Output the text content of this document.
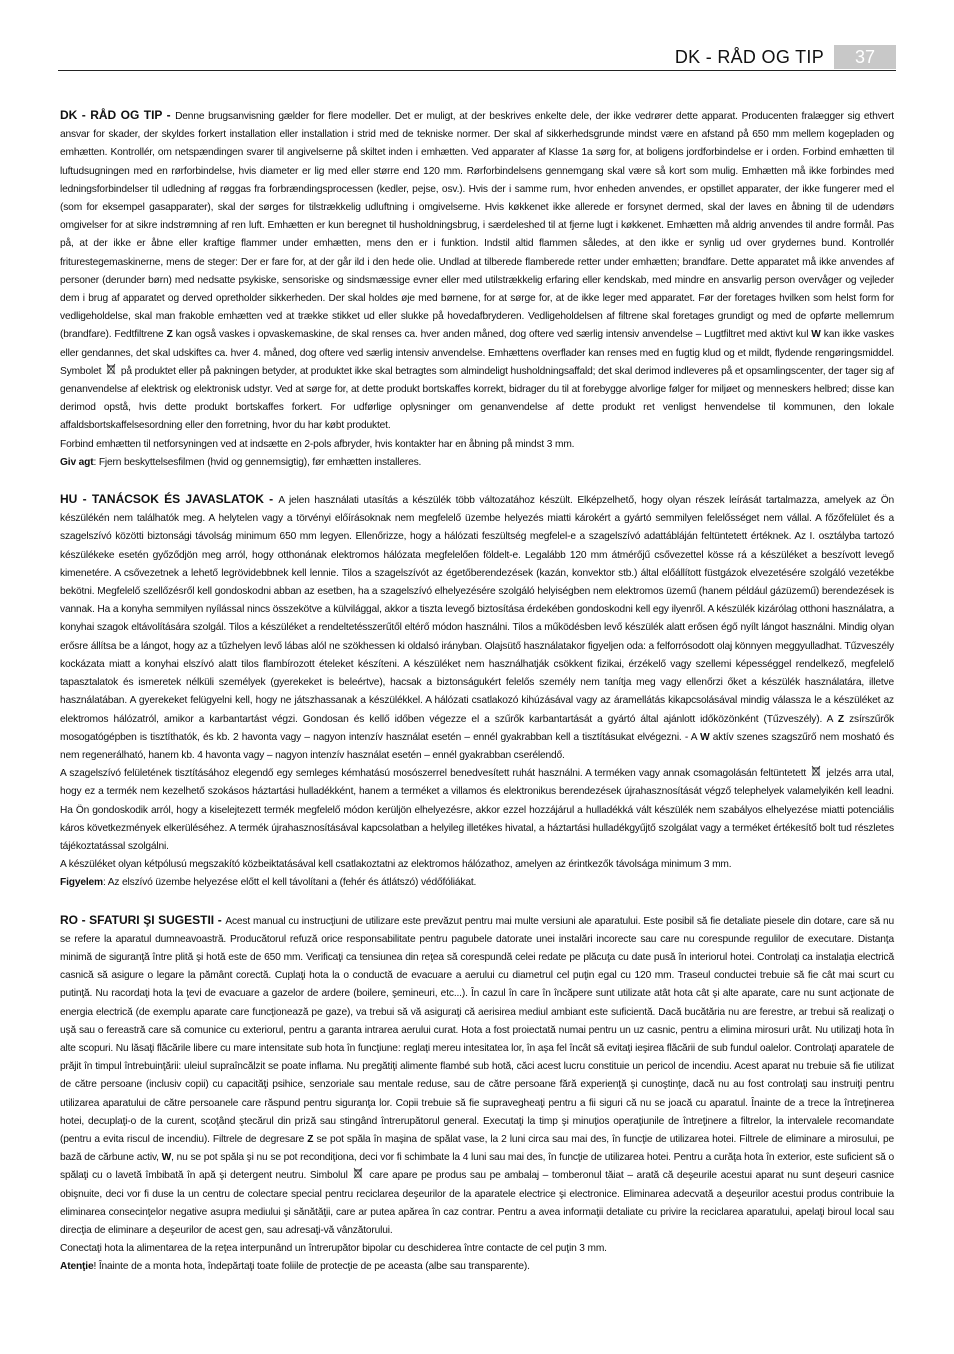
DK - RÅD OG TIP	37

DK - RÅD OG TIP - Denne brugsanvisning gælder for flere modeller. Det er muligt, at der beskrives enkelte dele, der ikke vedrører dette apparat. Producenten fralægger sig ethvert ansvar for skader, der skyldes forkert installation eller installation i strid med de tekniske normer. Der skal af sikkerhedsgrunde mindst være en afstand på 650 mm mellem kogepladen og emhætten. Kontrollér, om netspændingen svarer til angivelserne på skiltet inden i emhætten. Ved apparater af Klasse 1a sørg for, at boligens jordforbindelse er i orden. Forbind emhætten til luftudsugningen med en rørforbindelse, hvis diameter er lig med eller større end 120 mm. Rørforbindelsens gennemgang skal være så kort som mulig. Emhætten må ikke forbindes med ledningsforbindelser til udledning af røggas fra forbrændingsprocessen (kedler, pejse, osv.). Hvis der i samme rum, hvor enheden anvendes, er opstillet apparater, der ikke fungerer med el (som for eksempel gasapparater), skal der sørges for tilstrækkelig udluftning i omgivelserne. Hvis køkkenet ikke allerede er forsynet dermed, skal der laves en åbning til de udendørs omgivelser for at sikre indstrømning af ren luft. Emhætten er kun beregnet til husholdningsbrug, i særdeleshed til at fjerne lugt i køkkenet. Emhætten må aldrig anvendes til andre formål. Pas på, at der ikke er åbne eller kraftige flammer under emhætten, mens den er i funktion. Indstil altid flammen således, at den ikke er synlig ud over grydernes bund. Kontrollér friturestegemaskinerne, mens de steger: Der er fare for, at der går ild i den hede olie. Undlad at tilberede flamberede retter under emhætten; brandfare. Dette apparatet må ikke anvendes af personer (derunder børn) med nedsatte psykiske, sensoriske og sindsmæssige evner eller med utilstrækkelig erfaring eller kendskab, med mindre en ansvarlig person overvåger og vejleder dem i brug af apparatet og derved opretholder sikkerheden. Der skal holdes øje med børnene, for at sørge for, at de ikke leger med apparatet. Før der foretages hvilken som helst form for vedligeholdelse, skal man frakoble emhætten ved at trække stikket ud eller slukke på hovedafbryderen. Vedligeholdelsen af filtrene skal foretages grundigt og med de opførte mellemrum (brandfare). Fedtfiltrene Z kan også vaskes i opvaskemaskine, de skal renses ca. hver anden måned, dog oftere ved særlig intensiv anvendelse – Lugtfiltret med aktivt kul W kan ikke vaskes eller gendannes, det skal udskiftes ca. hver 4. måned, dog oftere ved særlig intensiv anvendelse. Emhættens overflader kan renses med en fugtig klud og et mildt, flydende rengøringsmiddel. Symbolet  på produktet eller på pakningen betyder, at produktet ikke skal betragtes som almindeligt husholdningsaffald; det skal derimod indleveres på et opsamlingscenter, der tager sig af genanvendelse af elektrisk og elektronisk udstyr. Ved at sørge for, at dette produkt bortskaffes korrekt, bidrager du til at forebygge alvorlige følger for miljøet og menneskers helbred; disse kan derimod opstå, hvis dette produkt bortskaffes forkert. For udførlige oplysninger om genanvendelse af dette produkt ret venligst henvendelse til kommunen, den lokale affaldsbortskaffelsesordning eller den forretning, hvor du har købt produktet.

Forbind emhætten til netforsyningen ved at indsætte en 2-pols afbryder, hvis kontakter har en åbning på mindst 3 mm.

Giv agt: Fjern beskyttelsesfilmen (hvid og gennemsigtig), før emhætten installeres.

HU - TANÁCSOK ÉS JAVASLATOK - A jelen használati utasítás a készülék több változatához készült. Elképzelhető, hogy olyan részek leírását tartalmazza, amelyek az Ön készülékén nem találhatók meg. A helytelen vagy a törvényi előírásoknak nem megfelelő üzembe helyezés miatti károkért a gyártó semmilyen felelősséget nem vállal. A főzőfelület és a szagelszívó közötti biztonsági távolság minimum 650 mm legyen. Ellenőrizze, hogy a hálózati feszültség megfelel-e a szagelszívó adattábláján feltüntetett értéknek. Az I. osztályba tartozó készülékeke esetén győződjön meg arról, hogy otthonának elektromos hálózata megfelelően földelt-e. Legalább 120 mm átmérőjű csővezettel kösse rá a készüléket a beszívott levegő kimenetére. A csővezetnek a lehető legrövidebbnek kell lennie. Tilos a szagelszívót az égetőberendezések (kazán, konvektor stb.) által előállított füstgázok elvezetésére szolgáló vezetékbe bekötni. Megfelelő szellőzésről kell gondoskodni abban az esetben, ha a szagelszívó elhelyezésére szolgáló helyiségben nem elektromos üzemű (hanem például gázüzemű) berendezések is vannak. Ha a konyha semmilyen nyílással nincs összekötve a külvilággal, akkor a tiszta levegő biztosítása érdekében gondoskodni kell egy ilyenről. A készülék kizárólag otthoni használatra, a konyhai szagok eltávolítására szolgál. Tilos a készüléket a rendeltetésszerűtől eltérő módon használni. Tilos a működésben levő készülék alatt erősen égő nyílt lángot használni. Mindig olyan erősre állítsa be a lángot, hogy az a tűzhelyen levő lábas alól ne szökhessen ki oldalsó irányban. Olajsütő használatakor figyeljen oda: a felforrósodott olaj könnyen meggyulladhat. Tűzveszély kockázata miatt a konyhai elszívó alatt tilos flambírozott ételeket készíteni. A készüléket nem használhatják csökkent fizikai, érzékelő vagy szellemi képességgel rendelkező, megfelelő tapasztalatok és ismeretek nélküli személyek (gyerekeket is beleértve), hacsak a biztonságukért felelős személy nem tanítja meg vagy ellenőrzi őket a készülék használatára, illetve használatában. A gyerekeket felügyelni kell, hogy ne játszhassanak a készülékkel. A hálózati csatlakozó kihúzásával vagy az áramellátás kikapcsolásával mindig válassza le a készüléket az elektromos hálózatról, amikor a karbantartást végzi. Gondosan és kellő időben végezze el a szűrők karbantartását a gyártó által ajánlott időközönként (Tűzveszély). A Z zsírszűrők mosogatógépben is tisztíthatók, és kb. 2 havonta vagy – nagyon intenzív használat esetén – ennél gyakrabban kell a tisztításukat elvégezni. - A W aktív szenes szagszűrő nem mosható és nem regenerálható, hanem kb. 4 havonta vagy – nagyon intenzív használat esetén – ennél gyakrabban cserélendő.

A szagelszívó felületének tisztításához elegendő egy semleges kémhatású mosószerrel benedvesített ruhát használni. A terméken vagy annak csomagolásán feltüntetett  jelzés arra utal, hogy ez a termék nem kezelhető szokásos háztartási hulladékként, hanem a terméket a villamos és elektronikus berendezések újrahasznosítását végző telephelyek valamelyikén kell leadni. Ha Ön gondoskodik arról, hogy a kiselejtezett termék megfelelő módon kerüljön elhelyezésre, akkor ezzel hozzájárul a hulladékká vált készülék nem szabályos elhelyezése miatti potenciális káros következmények elkerüléséhez. A termék újrahasznosításával kapcsolatban a helyileg illetékes hivatal, a háztartási hulladékgyűjtő szolgálat vagy a terméket értékesítő bolt tud részletes tájékoztatással szolgálni.

A készüléket olyan kétpólusú megszakító közbeiktatásával kell csatlakoztatni az elektromos hálózathoz, amelyen az érintkezők távolsága minimum 3 mm.

Figyelem: Az elszívó üzembe helyezése előtt el kell távolítani a (fehér és átlátszó) védőfóliákat.

RO - SFATURI ŞI SUGESTII - Acest manual cu instrucţiuni de utilizare este prevăzut pentru mai multe versiuni ale aparatului. Este posibil să fie detaliate piesele din dotare, care să nu se refere la aparatul dumneavoastră. Producătorul refuză orice responsabilitate pentru pagubele datorate unei instalări incorecte sau care nu corespunde regulilor de executare. Distanţa minimă de siguranţă între plită şi hotă este de 650 mm. Verificaţi ca tensiunea din reţea să corespundă celei redate pe plăcuţa cu date pusă în interiorul hotei. Controlaţi ca instalaţia electrică casnică să asigure o legare la pământ corectă. Cuplaţi hota la o conductă de evacuare a aerului cu diametrul cel puţin egal cu 120 mm. Traseul conductei trebuie să fie cât mai scurt cu putinţă. Nu racordaţi hota la ţevi de evacuare a gazelor de ardere (boilere, şemineuri, etc...). În cazul în care în încăpere sunt utilizate atât hota cât şi alte aparate, care nu sunt acţionate de energia electrică (de exemplu aparate care funcţionează pe gaze), va trebui să vă asiguraţi că aerisirea mediul ambiant este suficientă. Dacă bucătăria nu are ferestre, ar trebui să realizaţi o uşă sau o fereastră care să comunice cu exteriorul, pentru a garanta intrarea aerului curat. Hota a fost proiectată numai pentru un uz casnic, pentru a elimina mirosuri urât. Nu utilizaţi hota în alte scopuri. Nu lăsaţi flăcările libere cu mare intensitate sub hota în funcţiune: reglaţi mereu intesitatea lor, în aşa fel încât să evitaţi ieşirea flăcării de sub fundul oalelor. Controlaţi aparatele de prăjit în timpul întrebuinţării: uleiul supraîncălzit se poate inflama. Nu pregătiţi alimente flambé sub hotă, căci acest lucru constituie un pericol de incendiu. Acest aparat nu trebuie să fie utilizat de către persoane (inclusiv copii) cu capacităţi psihice, senzoriale sau mentale reduse, sau de către persoane fără experienţă şi cunoştinţe, dacă nu au fost controlaţi sau instruiţi pentru utilizarea aparatului de către persoanele care răspund pentru siguranţa lor. Copii trebuie să fie supravegheaţi pentru a fii siguri că nu se joacă cu aparatul. Înainte de a trece la întreţinerea hotei, decuplaţi-o de la curent, scoţând ştecărul din priză sau stingând întrerupătorul general. Executaţi la timp şi minuţios operaţiunile de întreţinere a filtrelor, la intervalele recomandate (pentru a evita riscul de incendiu). Filtrele de degresare Z se pot spăla în maşina de spălat vase, la 2 luni circa sau mai des, în funcţie de utilizarea hotei. Filtrele de eliminare a mirosului, pe bază de cărbune activ, W, nu se pot spăla şi nu se pot recondiţiona, deci vor fi schimbate la 4 luni sau mai des, în funcţie de utilizarea hotei. Pentru a curăţa hota în exterior, este suficient să o spălaţi cu o lavetă îmbibată în apă şi detergent neutru. Simbolul  care apare pe produs sau pe ambalaj – tomberonul tăiat – arată că deşeurile acestui aparat nu sunt deşeuri casnice obişnuite, deci vor fi duse la un centru de colectare special pentru reciclarea deşeurilor de la aparatele electrice şi electronice. Eliminarea adecvată a deşeurilor acestui produs contribuie la eliminarea consecinţelor negative asupra mediului şi sănătăţii, care ar putea apărea în caz contrar. Pentru a avea informaţii detaliate cu privire la reciclarea aparatului, apelaţi biroul local sau direcţia de eliminare a deşeurilor de acest gen, sau adresaţi-vă vânzătorului.

Conectaţi hota la alimentarea de la reţea interpunând un întrerupător bipolar cu deschiderea între contacte de cel puţin 3 mm.

Atenţie! Înainte de a monta hota, îndepărtaţi toate foliile de protecţie de pe aceasta (albe sau transparente).
